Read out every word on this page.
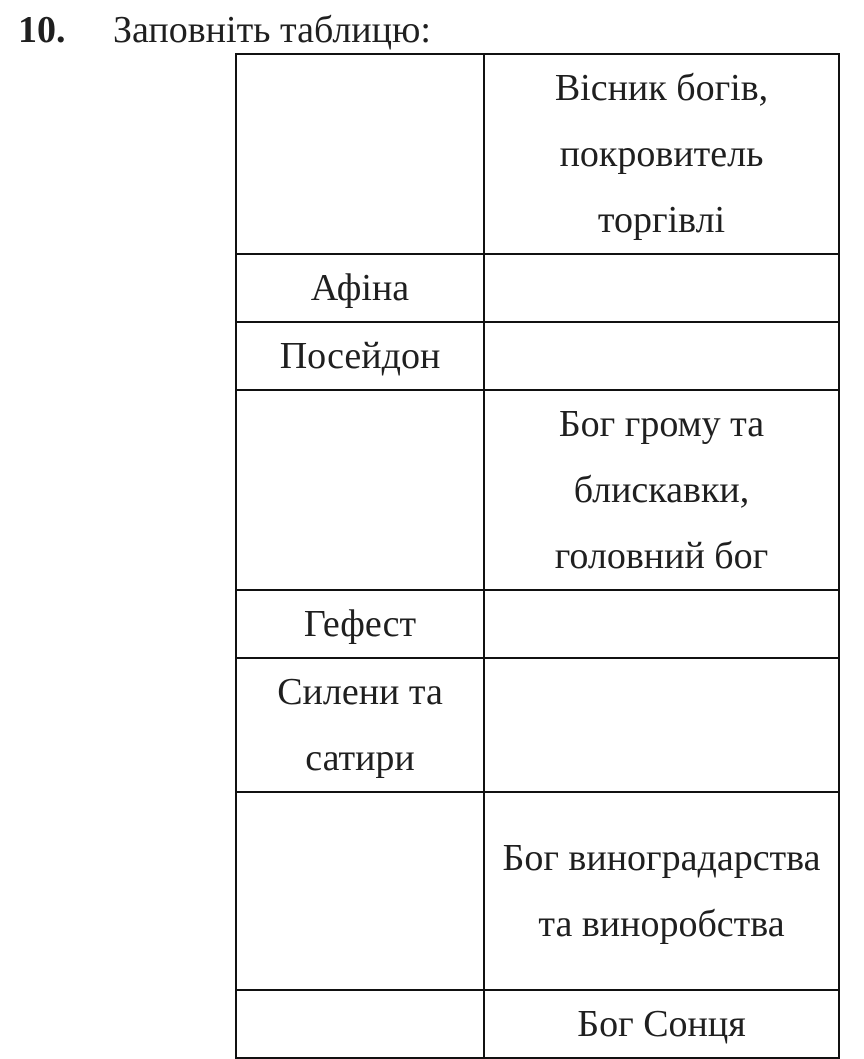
10. Заповніть таблицю:
	Вісник богів, покровитель торгівлі
Афіна	
Посейдон	
	Бог грому та блискавки, головний бог
Гефест	
Силени та сатири	
	Бог виноградарства та виноробства
	Бог Сонця
